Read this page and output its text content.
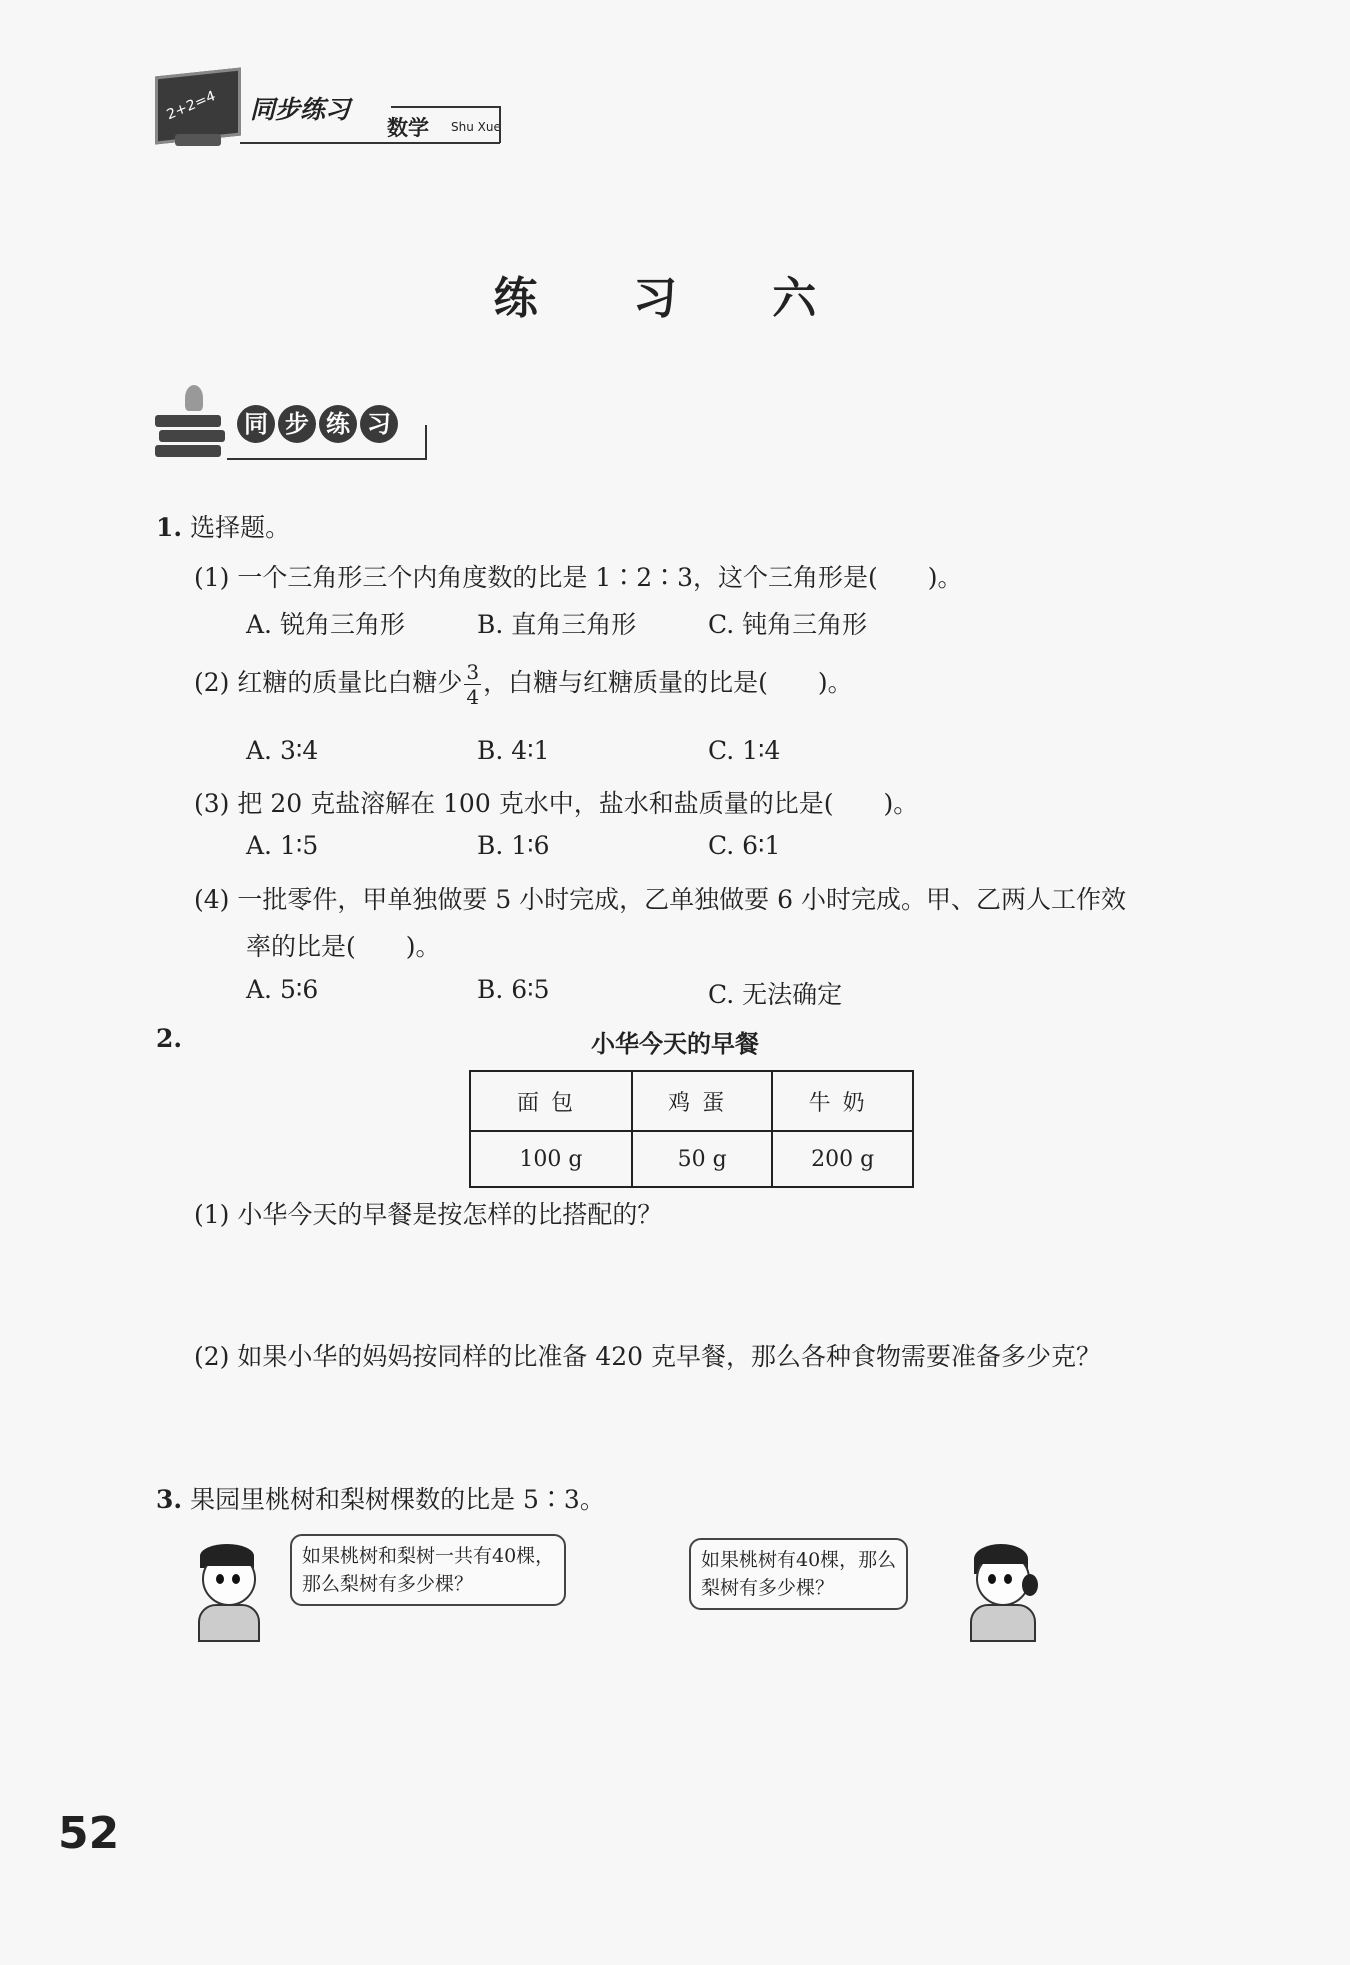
2+2=4 同步练习
数学 Shu Xue
练 习 六
同 步 练 习
1. 选择题。
(1) 一个三角形三个内角度数的比是 1∶2∶3，这个三角形是(　　)。
A. 锐角三角形	B. 直角三角形	C. 钝角三角形
(2) 红糖的质量比白糖少 $\frac{3}{4}$ ，白糖与红糖质量的比是(　　)。
A. 3∶4	B. 4∶1	C. 1∶4
(3) 把 20 克盐溶解在 100 克水中，盐水和盐质量的比是(　　)。
A. 1∶5	B. 1∶6	C. 6∶1
(4) 一批零件，甲单独做要 5 小时完成，乙单独做要 6 小时完成。甲、乙两人工作效
率的比是(　　)。
A. 5∶6	B. 6∶5	C. 无法确定
2.	小华今天的早餐
面包	鸡蛋	牛奶
100 g	50 g	200 g
(1) 小华今天的早餐是按怎样的比搭配的？
(2) 如果小华的妈妈按同样的比准备 420 克早餐，那么各种食物需要准备多少克？
3. 果园里桃树和梨树棵数的比是 5∶3。
如果桃树和梨树一共有40棵，
那么梨树有多少棵？
如果桃树有40棵，那么
梨树有多少棵？
52
